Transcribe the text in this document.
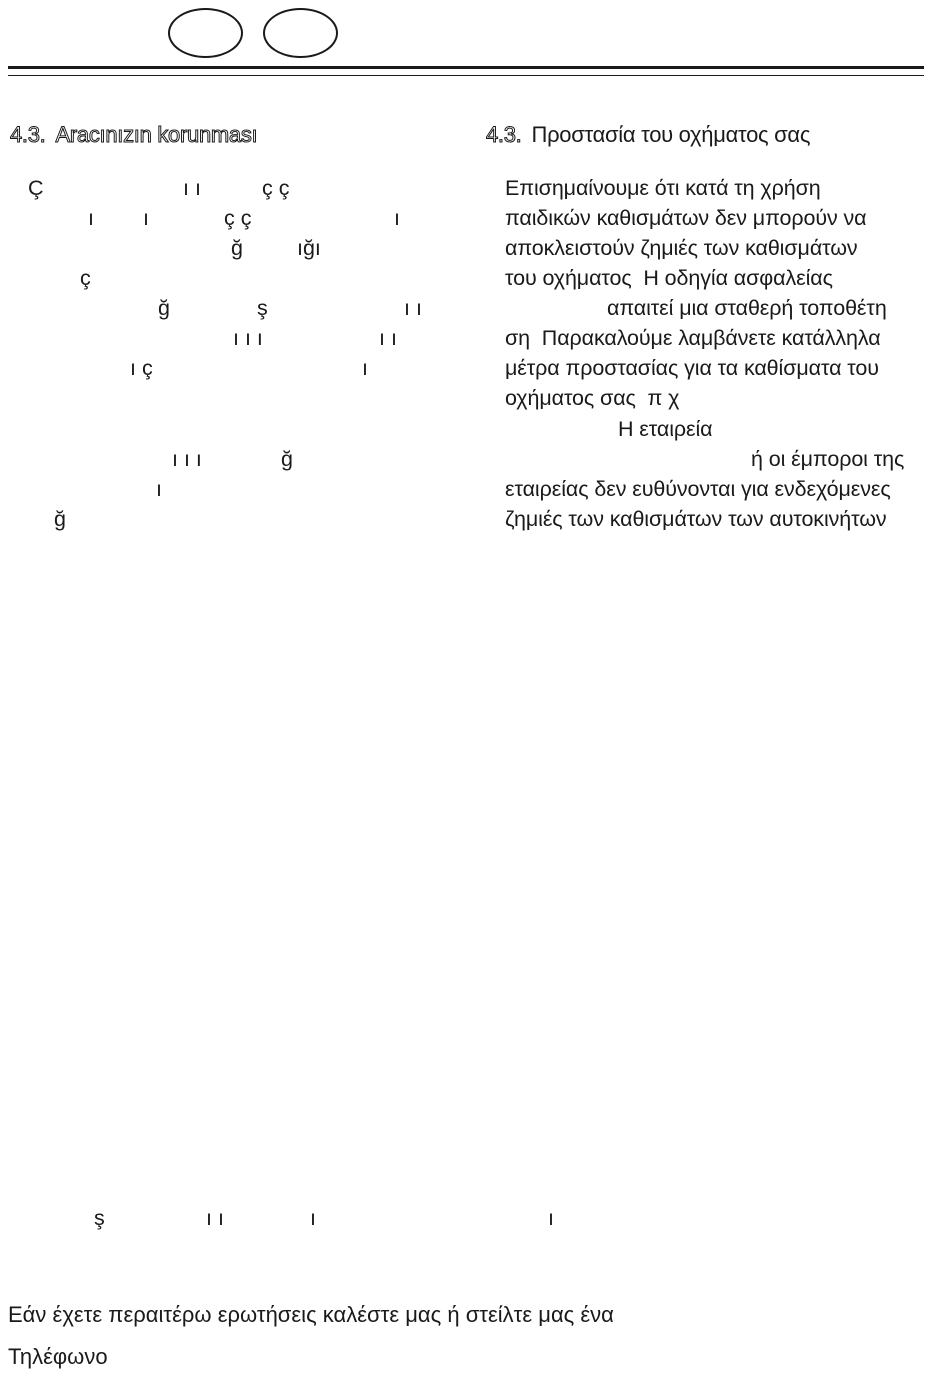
4.3. Aracınızın korunması	4.3. Προστασία του οχήματος σας
Ç	ı ı	ç ç
ı ı	ç ç	ı
ğ	ığı
ç
ğ	ş	ı ı
ı ı ı	ı ı
ı ç	ı
ı ı ı	ğ
ı
ğ
Επισημαίνουμε ότι κατά τη χρήση
παιδικών καθισμάτων δεν μπορούν να
αποκλειστούν ζημιές των καθισμάτων
του οχήματος  Η οδηγία ασφαλείας
απαιτεί μια σταθερή τοποθέτη
ση  Παρακαλούμε λαμβάνετε κατάλληλα
μέτρα προστασίας για τα καθίσματα του
οχήματος σας  π χ
Η εταιρεία
ή οι έμποροι της
εταιρείας δεν ευθύνονται για ενδεχόμενες
ζημιές των καθισμάτων των αυτοκινήτων
ş	ı ı	ı	ı
Εάν έχετε περαιτέρω ερωτήσεις καλέστε μας ή στείλτε μας ένα
Τηλέφωνο
